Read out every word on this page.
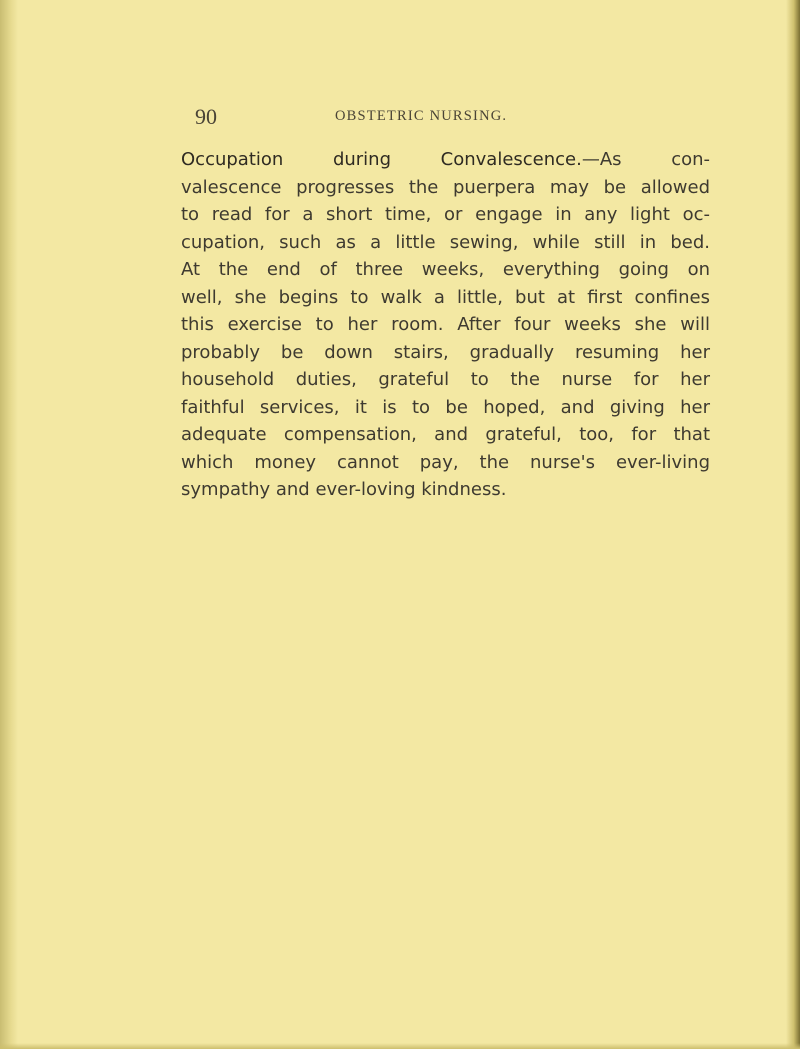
90	OBSTETRIC NURSING.
Occupation during Convalescence.—As con-
valescence progresses the puerpera may be allowed
to read for a short time, or engage in any light oc-
cupation, such as a little sewing, while still in bed.
At the end of three weeks, everything going on
well, she begins to walk a little, but at first confines
this exercise to her room. After four weeks she will
probably be down stairs, gradually resuming her
household duties, grateful to the nurse for her
faithful services, it is to be hoped, and giving her
adequate compensation, and grateful, too, for that
which money cannot pay, the nurse's ever-living
sympathy and ever-loving kindness.
